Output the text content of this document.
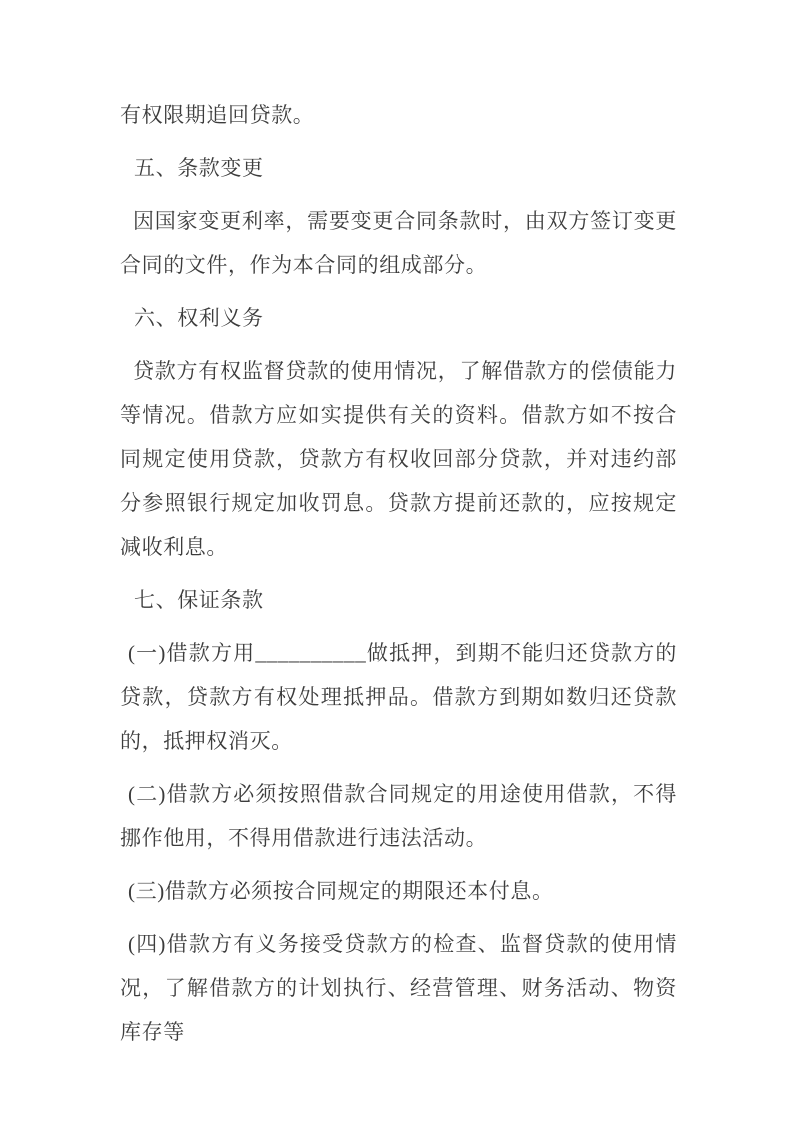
有权限期追回贷款。

五、条款变更

因国家变更利率，需要变更合同条款时，由双方签订变更合同的文件，作为本合同的组成部分。

六、权利义务

贷款方有权监督贷款的使用情况，了解借款方的偿债能力等情况。借款方应如实提供有关的资料。借款方如不按合同规定使用贷款，贷款方有权收回部分贷款，并对违约部分参照银行规定加收罚息。贷款方提前还款的，应按规定减收利息。

七、保证条款

(一)借款方用__________做抵押，到期不能归还贷款方的贷款，贷款方有权处理抵押品。借款方到期如数归还贷款的，抵押权消灭。

(二)借款方必须按照借款合同规定的用途使用借款，不得挪作他用，不得用借款进行违法活动。

(三)借款方必须按合同规定的期限还本付息。

(四)借款方有义务接受贷款方的检查、监督贷款的使用情况，了解借款方的计划执行、经营管理、财务活动、物资库存等
